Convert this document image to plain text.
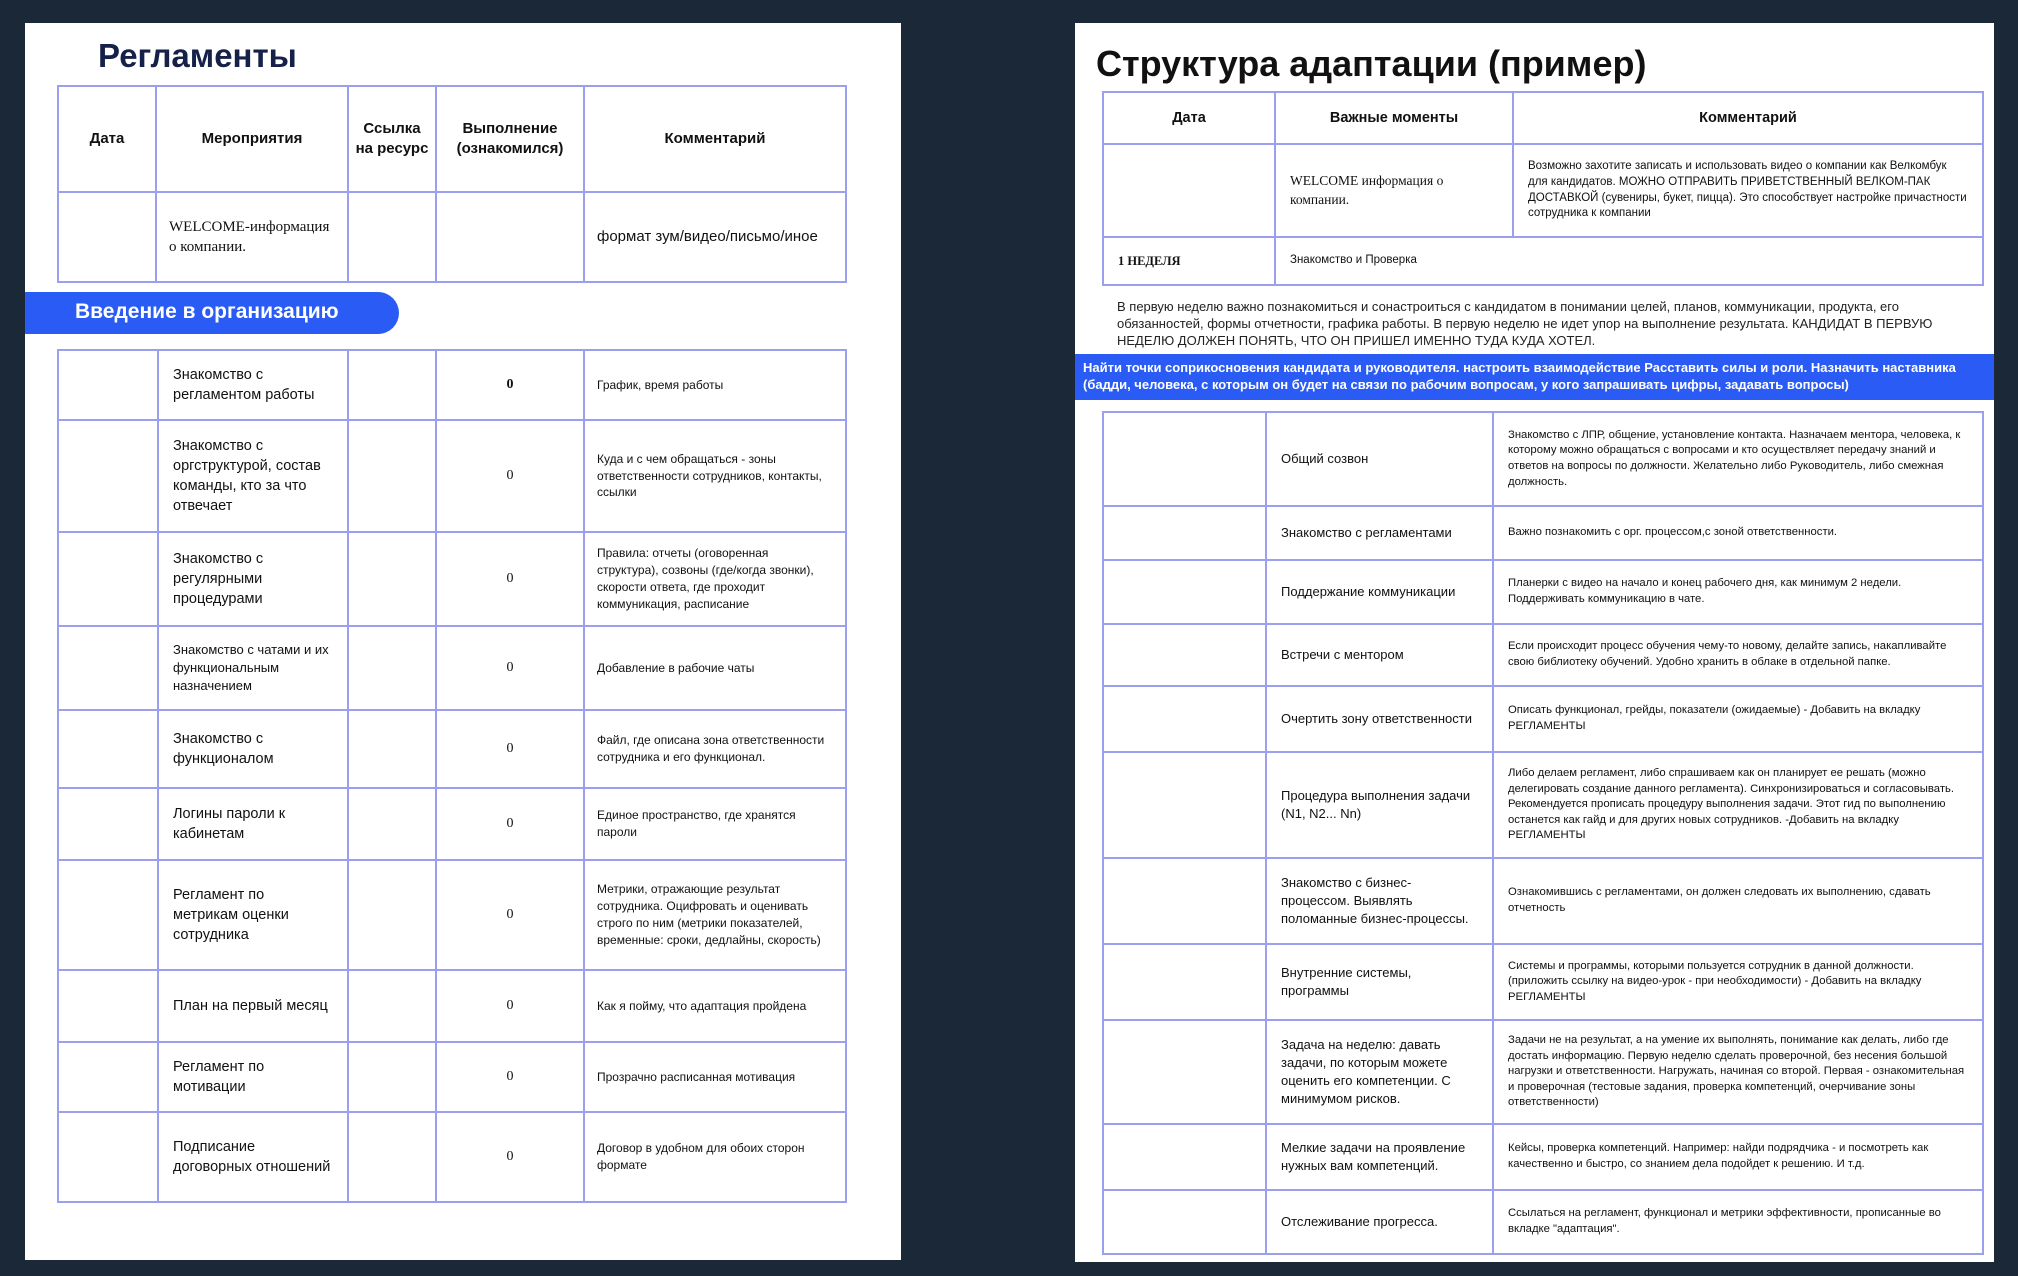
Регламенты
Дата	Мероприятия	Ссылка на ресурс	Выполнение (ознакомился)	Комментарий
	WELCOME-информация о компании.			формат зум/видео/письмо/иное
Введение в организацию
	Знакомство с регламентом работы		0	График, время работы
	Знакомство с оргструктурой, состав команды, кто за что отвечает		0	Куда и с чем обращаться - зоны ответственности сотрудников, контакты, ссылки
	Знакомство с регулярными процедурами		0	Правила: отчеты (оговоренная структура), созвоны (где/когда звонки), скорости ответа, где проходит коммуникация, расписание
	Знакомство с чатами и их функциональным назначением		0	Добавление в рабочие чаты
	Знакомство с функционалом		0	Файл, где описана зона ответственности сотрудника и его функционал.
	Логины пароли к кабинетам		0	Единое пространство, где хранятся пароли
	Регламент по метрикам оценки сотрудника		0	Метрики, отражающие результат сотрудника. Оцифровать и оценивать строго по ним (метрики показателей, временные: сроки, дедлайны, скорость)
	План на первый месяц		0	Как я пойму, что адаптация пройдена
	Регламент по мотивации		0	Прозрачно расписанная мотивация
	Подписание договорных отношений		0	Договор в удобном для обоих сторон формате
Структура адаптации (пример)
Дата	Важные моменты	Комментарий
	WELCOME информация о компании.	Возможно захотите записать и использовать видео о компании как Велкомбук для кандидатов. МОЖНО ОТПРАВИТЬ ПРИВЕТСТВЕННЫЙ ВЕЛКОМ-ПАК ДОСТАВКОЙ (сувениры, букет, пицца). Это способствует настройке причастности сотрудника к компании
1 НЕДЕЛЯ	Знакомство и Проверка	
В первую неделю важно познакомиться и сонастроиться с кандидатом в понимании целей, планов, коммуникации, продукта, его обязанностей, формы отчетности, графика работы. В первую неделю не идет упор на выполнение результата. КАНДИДАТ В ПЕРВУЮ НЕДЕЛЮ ДОЛЖЕН ПОНЯТЬ, ЧТО ОН ПРИШЕЛ ИМЕННО ТУДА КУДА ХОТЕЛ.
Найти точки соприкосновения кандидата и руководителя. настроить взаимодействие Расставить силы и роли. Назначить наставника (бадди, человека, с которым он будет на связи по рабочим вопросам, у кого запрашивать цифры, задавать вопросы)
	Общий созвон	Знакомство с ЛПР, общение, установление контакта. Назначаем ментора, человека, к которому можно обращаться с вопросами и кто осуществляет передачу знаний и ответов на вопросы по должности. Желательно либо Руководитель, либо смежная должность.
	Знакомство с регламентами	Важно познакомить с орг. процессом,с зоной ответственности.
	Поддержание коммуникации	Планерки с видео на начало и конец рабочего дня, как минимум 2 недели. Поддерживать коммуникацию в чате.
	Встречи с ментором	Если происходит процесс обучения чему-то новому, делайте запись, накапливайте свою библиотеку обучений. Удобно хранить в облаке в отдельной папке.
	Очертить зону ответственности	Описать функционал, грейды, показатели (ожидаемые) - Добавить на вкладку РЕГЛАМЕНТЫ
	Процедура выполнения задачи (N1, N2... Nn)	Либо делаем регламент, либо спрашиваем как он планирует ее решать (можно делегировать создание данного регламента). Синхронизироваться и согласовывать. Рекомендуется прописать процедуру выполнения задачи. Этот гид по выполнению останется как гайд и для других новых сотрудников. -Добавить на вкладку РЕГЛАМЕНТЫ
	Знакомство с бизнес-процессом. Выявлять поломанные бизнес-процессы.	Ознакомившись с регламентами, он должен следовать их выполнению, сдавать отчетность
	Внутренние системы, программы	Системы и программы, которыми пользуется сотрудник в данной должности. (приложить ссылку на видео-урок - при необходимости) - Добавить на вкладку РЕГЛАМЕНТЫ
	Задача на неделю: давать задачи, по которым можете оценить его компетенции. С минимумом рисков.	Задачи не на результат, а на умение их выполнять, понимание как делать, либо где достать информацию. Первую неделю сделать проверочной, без несения большой нагрузки и ответственности. Нагружать, начиная со второй. Первая - ознакомительная и проверочная (тестовые задания, проверка компетенций, очерчивание зоны ответственности)
	Мелкие задачи на проявление нужных вам компетенций.	Кейсы, проверка компетенций. Например: найди подрядчика - и посмотреть как качественно и быстро, со знанием дела подойдет к решению. И т.д.
	Отслеживание прогресса.	Ссылаться на регламент, функционал и метрики эффективности, прописанные во вкладке "адаптация".
